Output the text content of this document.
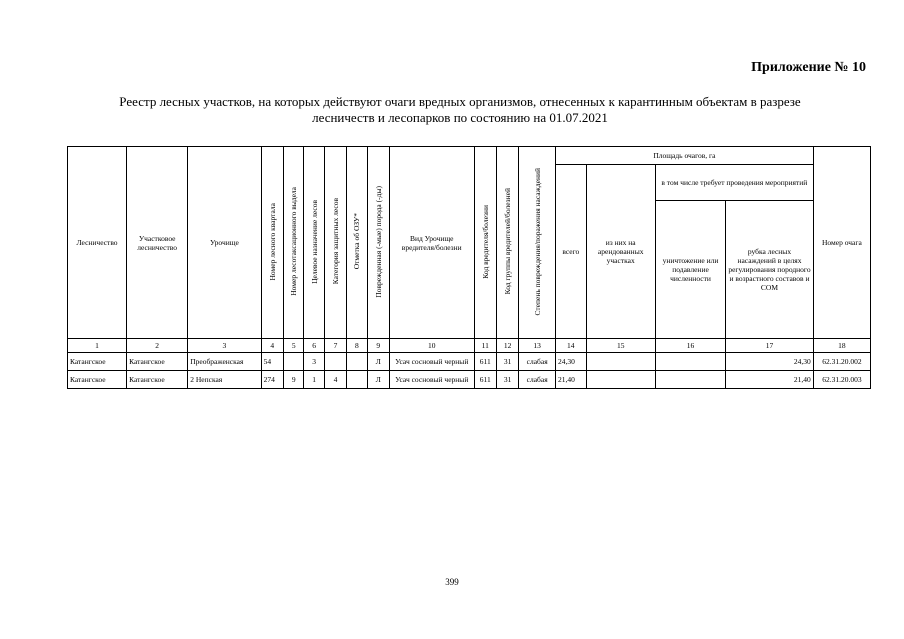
Приложение № 10
Реестр лесных участков, на которых действуют очаги вредных организмов, отнесенных к карантинным объектам в разрезе
лесничеств и лесопарков по состоянию на 01.07.2021
Лесничество	Участковое лесничество	Урочище	Номер лесного квартала	Номер лесотаксационного выдела	Целевое назначение лесов	Категория защитных лесов	Отметка об ОЗУ*	Поврежденная (-мые) порода (-ды)	Вид Урочище вредителя/болезни	Код вредителя/болезни	Код группы вредителей/болезней	Степень повреждения/поражения насаждений	Площадь очагов, га				Номер очага
													всего	из них на арендованных участках	в том числе требует проведения мероприятий		
															уничтожение или подавление численности	рубка лесных насаждений в целях регулирования породного и возрастного составов и СОМ	
1	2	3	4	5	6	7	8	9	10	11	12	13	14	15	16	17	18
Катангское	Катангское	Преображенская	54		3			Л	Усач сосновый черный	611	31	слабая	24,30			24,30	62.31.20.002
Катангское	Катангское	2 Непская	274	9	1	4		Л	Усач сосновый черный	611	31	слабая	21,40			21,40	62.31.20.003
399
